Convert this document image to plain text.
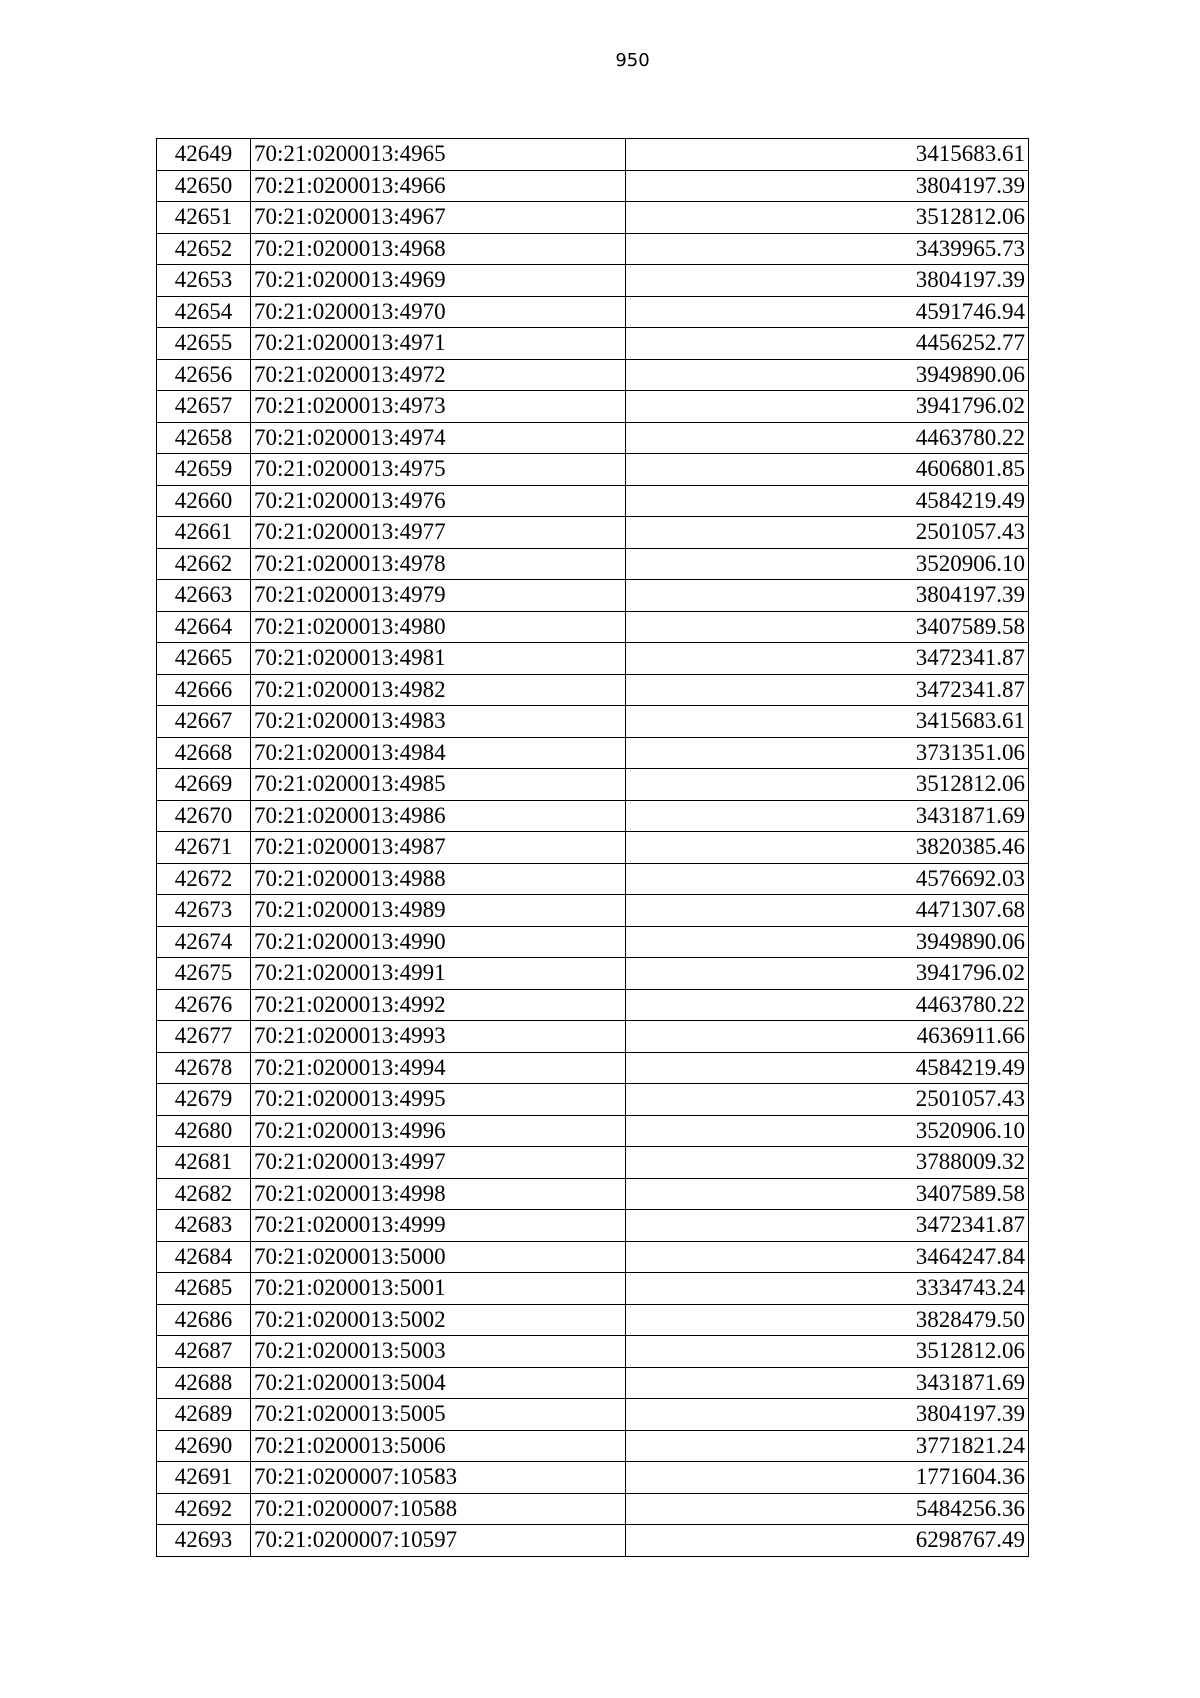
950
42649	70:21:0200013:4965	3415683.61
42650	70:21:0200013:4966	3804197.39
42651	70:21:0200013:4967	3512812.06
42652	70:21:0200013:4968	3439965.73
42653	70:21:0200013:4969	3804197.39
42654	70:21:0200013:4970	4591746.94
42655	70:21:0200013:4971	4456252.77
42656	70:21:0200013:4972	3949890.06
42657	70:21:0200013:4973	3941796.02
42658	70:21:0200013:4974	4463780.22
42659	70:21:0200013:4975	4606801.85
42660	70:21:0200013:4976	4584219.49
42661	70:21:0200013:4977	2501057.43
42662	70:21:0200013:4978	3520906.10
42663	70:21:0200013:4979	3804197.39
42664	70:21:0200013:4980	3407589.58
42665	70:21:0200013:4981	3472341.87
42666	70:21:0200013:4982	3472341.87
42667	70:21:0200013:4983	3415683.61
42668	70:21:0200013:4984	3731351.06
42669	70:21:0200013:4985	3512812.06
42670	70:21:0200013:4986	3431871.69
42671	70:21:0200013:4987	3820385.46
42672	70:21:0200013:4988	4576692.03
42673	70:21:0200013:4989	4471307.68
42674	70:21:0200013:4990	3949890.06
42675	70:21:0200013:4991	3941796.02
42676	70:21:0200013:4992	4463780.22
42677	70:21:0200013:4993	4636911.66
42678	70:21:0200013:4994	4584219.49
42679	70:21:0200013:4995	2501057.43
42680	70:21:0200013:4996	3520906.10
42681	70:21:0200013:4997	3788009.32
42682	70:21:0200013:4998	3407589.58
42683	70:21:0200013:4999	3472341.87
42684	70:21:0200013:5000	3464247.84
42685	70:21:0200013:5001	3334743.24
42686	70:21:0200013:5002	3828479.50
42687	70:21:0200013:5003	3512812.06
42688	70:21:0200013:5004	3431871.69
42689	70:21:0200013:5005	3804197.39
42690	70:21:0200013:5006	3771821.24
42691	70:21:0200007:10583	1771604.36
42692	70:21:0200007:10588	5484256.36
42693	70:21:0200007:10597	6298767.49
